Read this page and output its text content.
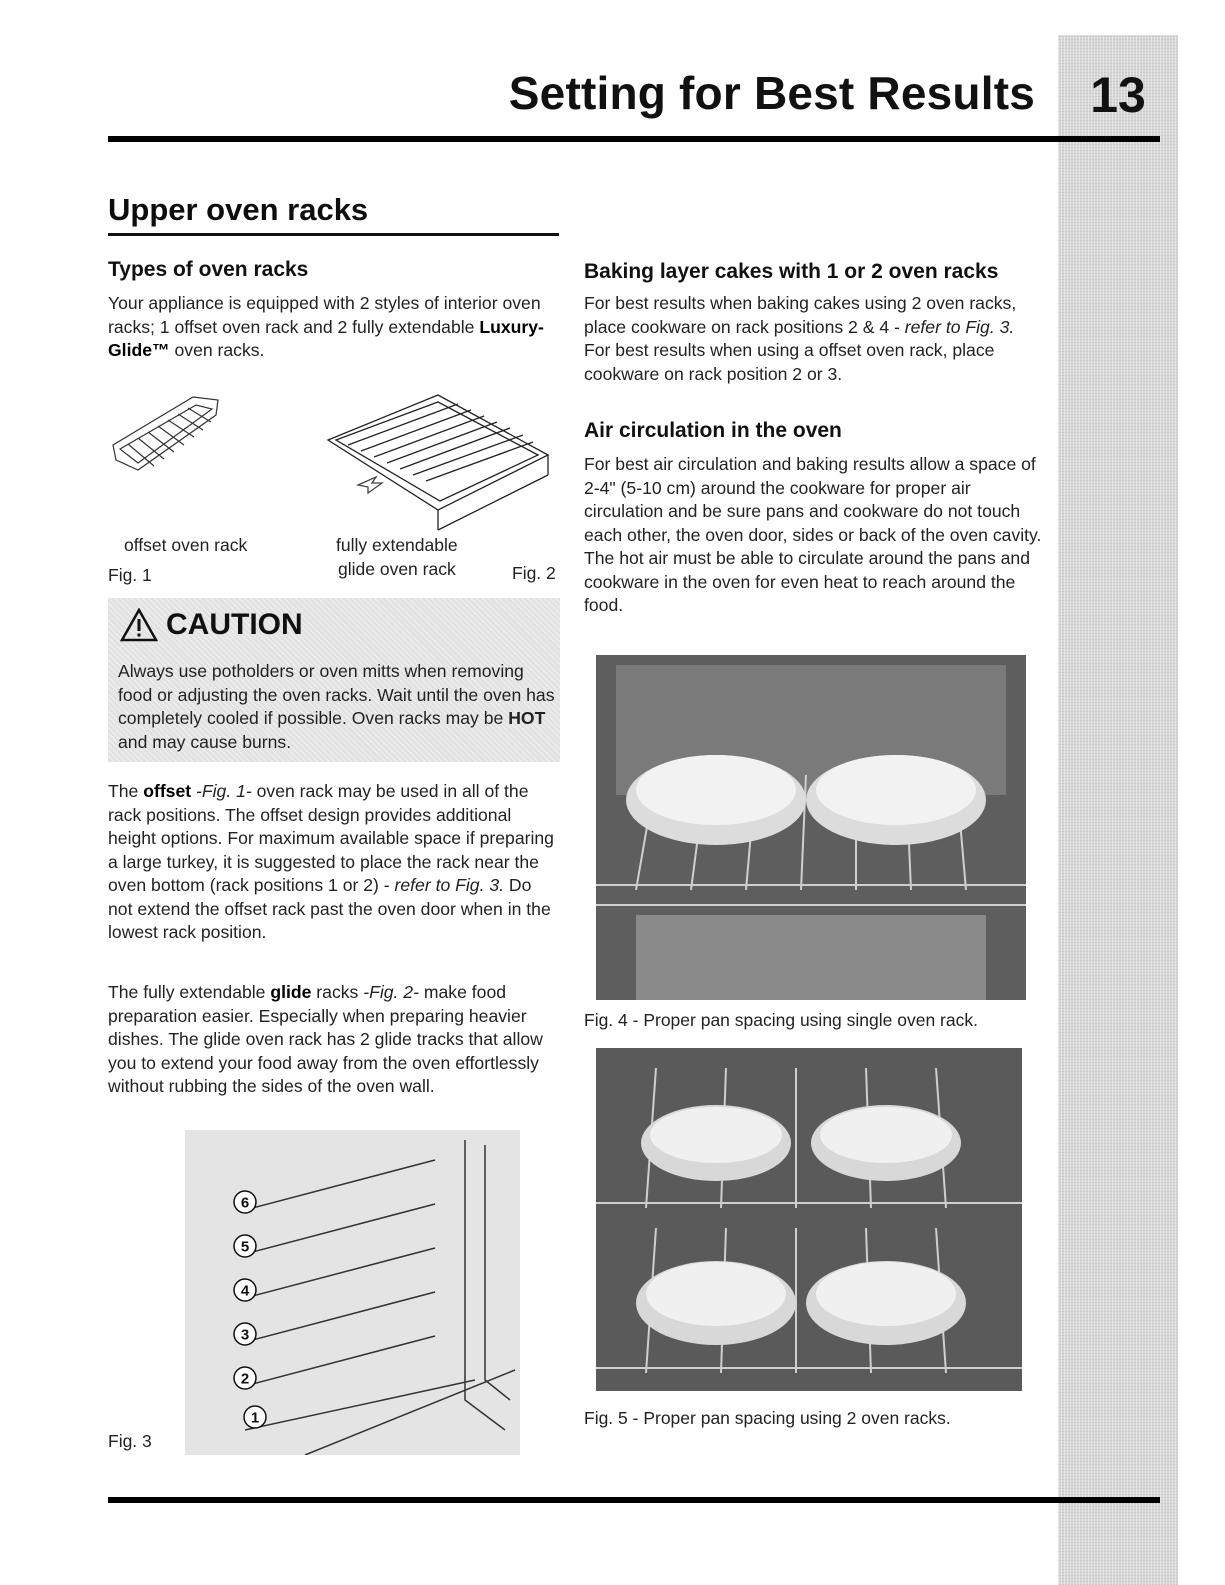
Setting for Best Results	13
Upper oven racks
Types of oven racks
Your appliance is equipped with 2 styles of interior oven racks; 1 offset oven rack and 2 fully extendable Luxury-Glide™ oven racks.
offset oven rack
Fig. 1
fully extendable
glide oven rack	Fig. 2
CAUTION
Always use potholders or oven mitts when removing food or adjusting the oven racks. Wait until the oven has completely cooled if possible. Oven racks may be HOT and may cause burns.
The offset -Fig. 1- oven rack may be used in all of the rack positions. The offset design provides additional height options. For maximum available space if preparing a large turkey, it is suggested to place the rack near the oven bottom (rack positions 1 or 2) - refer to Fig. 3. Do not extend the offset rack past the oven door when in the lowest rack position.
The fully extendable glide racks -Fig. 2- make food preparation easier. Especially when preparing heavier dishes. The glide oven rack has 2 glide tracks that allow you to extend your food away from the oven effortlessly without rubbing the sides of the oven wall.
6
5
4
3
2
1
Fig. 3
Baking layer cakes with 1 or 2 oven racks
For best results when baking cakes using 2 oven racks, place cookware on rack positions 2 & 4 - refer to Fig. 3. For best results when using a offset oven rack, place cookware on rack position 2 or 3.
Air circulation in the oven
For best air circulation and baking results allow a space of 2-4" (5-10 cm) around the cookware for proper air circulation and be sure pans and cookware do not touch each other, the oven door, sides or back of the oven cavity. The hot air must be able to circulate around the pans and cookware in the oven for even heat to reach around the food.
Fig. 4 - Proper pan spacing using single oven rack.
Fig. 5 - Proper pan spacing using 2 oven racks.
